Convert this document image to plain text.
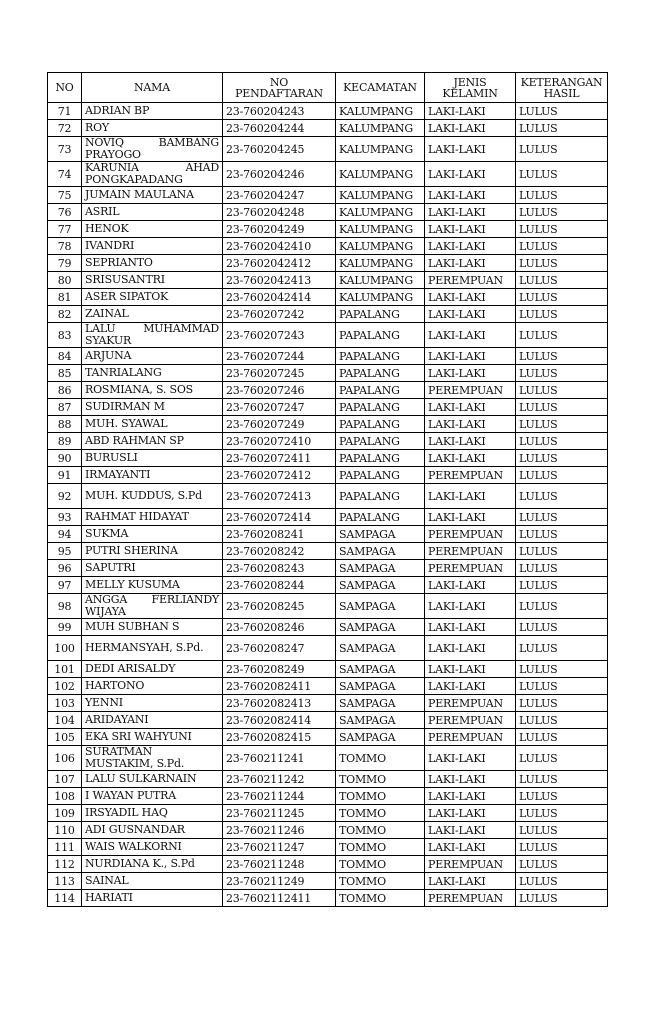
NO	NAMA	NO PENDAFTARAN	KECAMATAN	JENIS KELAMIN	KETERANGAN HASIL
71	ADRIAN BP	23-760204243	KALUMPANG	LAKI-LAKI	LULUS
72	ROY	23-760204244	KALUMPANG	LAKI-LAKI	LULUS
73	NOVIQ BAMBANG PRAYOGO	23-760204245	KALUMPANG	LAKI-LAKI	LULUS
74	KARUNIA AHAD PONGKAPADANG	23-760204246	KALUMPANG	LAKI-LAKI	LULUS
75	JUMAIN MAULANA	23-760204247	KALUMPANG	LAKI-LAKI	LULUS
76	ASRIL	23-760204248	KALUMPANG	LAKI-LAKI	LULUS
77	HENOK	23-760204249	KALUMPANG	LAKI-LAKI	LULUS
78	IVANDRI	23-7602042410	KALUMPANG	LAKI-LAKI	LULUS
79	SEPRIANTO	23-7602042412	KALUMPANG	LAKI-LAKI	LULUS
80	SRISUSANTRI	23-7602042413	KALUMPANG	PEREMPUAN	LULUS
81	ASER SIPATOK	23-7602042414	KALUMPANG	LAKI-LAKI	LULUS
82	ZAINAL	23-760207242	PAPALANG	LAKI-LAKI	LULUS
83	LALU MUHAMMAD SYAKUR	23-760207243	PAPALANG	LAKI-LAKI	LULUS
84	ARJUNA	23-760207244	PAPALANG	LAKI-LAKI	LULUS
85	TANRIALANG	23-760207245	PAPALANG	LAKI-LAKI	LULUS
86	ROSMIANA, S. SOS	23-760207246	PAPALANG	PEREMPUAN	LULUS
87	SUDIRMAN M	23-760207247	PAPALANG	LAKI-LAKI	LULUS
88	MUH. SYAWAL	23-760207249	PAPALANG	LAKI-LAKI	LULUS
89	ABD RAHMAN SP	23-7602072410	PAPALANG	LAKI-LAKI	LULUS
90	BURUSLI	23-7602072411	PAPALANG	LAKI-LAKI	LULUS
91	IRMAYANTI	23-7602072412	PAPALANG	PEREMPUAN	LULUS
92	MUH. KUDDUS, S.Pd	23-7602072413	PAPALANG	LAKI-LAKI	LULUS
93	RAHMAT HIDAYAT	23-7602072414	PAPALANG	LAKI-LAKI	LULUS
94	SUKMA	23-760208241	SAMPAGA	PEREMPUAN	LULUS
95	PUTRI SHERINA	23-760208242	SAMPAGA	PEREMPUAN	LULUS
96	SAPUTRI	23-760208243	SAMPAGA	PEREMPUAN	LULUS
97	MELLY KUSUMA	23-760208244	SAMPAGA	LAKI-LAKI	LULUS
98	ANGGA FERLIANDY WIJAYA	23-760208245	SAMPAGA	LAKI-LAKI	LULUS
99	MUH SUBHAN S	23-760208246	SAMPAGA	LAKI-LAKI	LULUS
100	HERMANSYAH, S.Pd.	23-760208247	SAMPAGA	LAKI-LAKI	LULUS
101	DEDI ARISALDY	23-760208249	SAMPAGA	LAKI-LAKI	LULUS
102	HARTONO	23-7602082411	SAMPAGA	LAKI-LAKI	LULUS
103	YENNI	23-7602082413	SAMPAGA	PEREMPUAN	LULUS
104	ARIDAYANI	23-7602082414	SAMPAGA	PEREMPUAN	LULUS
105	EKA SRI WAHYUNI	23-7602082415	SAMPAGA	PEREMPUAN	LULUS
106	SURATMAN MUSTAKIM, S.Pd.	23-760211241	TOMMO	LAKI-LAKI	LULUS
107	LALU SULKARNAIN	23-760211242	TOMMO	LAKI-LAKI	LULUS
108	I WAYAN PUTRA	23-760211244	TOMMO	LAKI-LAKI	LULUS
109	IRSYADIL HAQ	23-760211245	TOMMO	LAKI-LAKI	LULUS
110	ADI GUSNANDAR	23-760211246	TOMMO	LAKI-LAKI	LULUS
111	WAIS WALKORNI	23-760211247	TOMMO	LAKI-LAKI	LULUS
112	NURDIANA K., S.Pd	23-760211248	TOMMO	PEREMPUAN	LULUS
113	SAINAL	23-760211249	TOMMO	LAKI-LAKI	LULUS
114	HARIATI	23-7602112411	TOMMO	PEREMPUAN	LULUS
